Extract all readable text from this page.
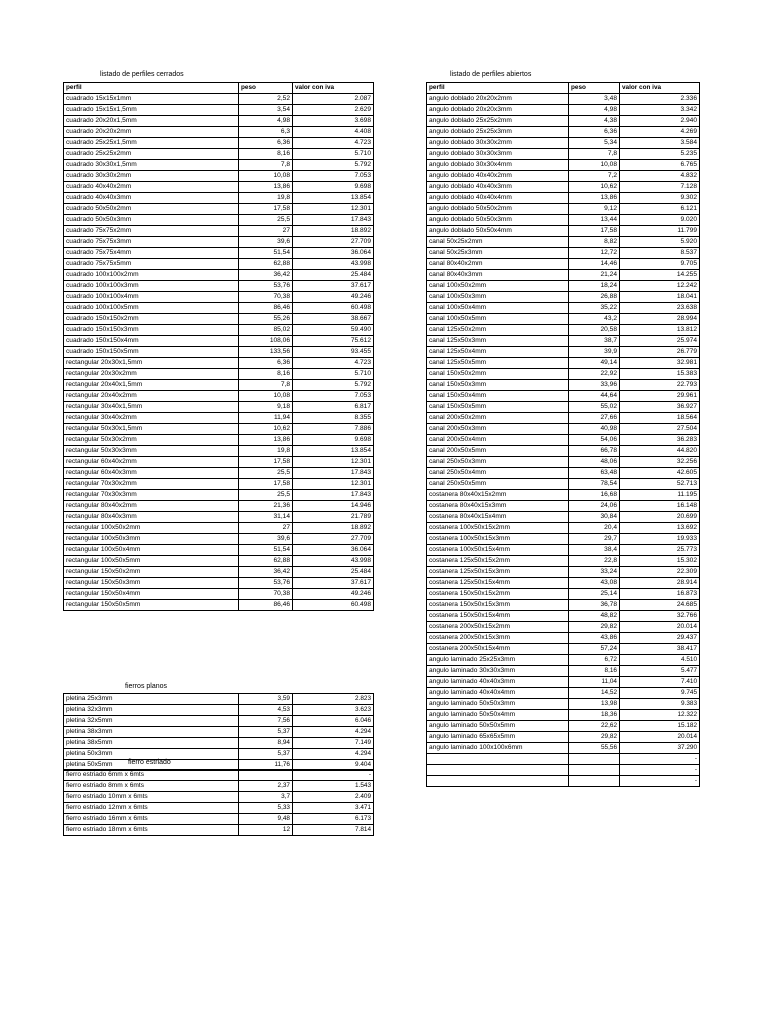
listado de perfiles cerrados
perfil	peso	valor con iva
cuadrado 15x15x1mm	2,52	2.087
cuadrado 15x15x1,5mm	3,54	2.629
cuadrado 20x20x1,5mm	4,98	3.698
cuadrado 20x20x2mm	6,3	4.408
cuadrado 25x25x1,5mm	6,36	4.723
cuadrado 25x25x2mm	8,16	5.710
cuadrado 30x30x1,5mm	7,8	5.792
cuadrado 30x30x2mm	10,08	7.053
cuadrado 40x40x2mm	13,86	9.698
cuadrado 40x40x3mm	19,8	13.854
cuadrado 50x50x2mm	17,58	12.301
cuadrado 50x50x3mm	25,5	17.843
cuadrado 75x75x2mm	27	18.892
cuadrado 75x75x3mm	39,6	27.709
cuadrado 75x75x4mm	51,54	36.064
cuadrado 75x75x5mm	62,88	43.998
cuadrado 100x100x2mm	36,42	25.484
cuadrado 100x100x3mm	53,76	37.617
cuadrado 100x100x4mm	70,38	49.246
cuadrado 100x100x5mm	86,46	60.498
cuadrado 150x150x2mm	55,26	38.667
cuadrado 150x150x3mm	85,02	59.490
cuadrado 150x150x4mm	108,06	75.612
cuadrado 150x150x5mm	133,56	93.455
rectangular 20x30x1,5mm	6,36	4.723
rectangular 20x30x2mm	8,16	5.710
rectangular 20x40x1,5mm	7,8	5.792
rectangular 20x40x2mm	10,08	7.053
rectangular 30x40x1,5mm	9,18	6.817
rectangular 30x40x2mm	11,94	8.355
rectangular 50x30x1,5mm	10,62	7.886
rectangular 50x30x2mm	13,86	9.698
rectangular 50x30x3mm	19,8	13.854
rectangular 60x40x2mm	17,58	12.301
rectangular 60x40x3mm	25,5	17.843
rectangular 70x30x2mm	17,58	12.301
rectangular 70x30x3mm	25,5	17.843
rectangular 80x40x2mm	21,36	14.946
rectangular 80x40x3mm	31,14	21.789
rectangular 100x50x2mm	27	18.892
rectangular 100x50x3mm	39,6	27.709
rectangular 100x50x4mm	51,54	36.064
rectangular 100x50x5mm	62,88	43.998
rectangular 150x50x2mm	36,42	25.484
rectangular 150x50x3mm	53,76	37.617
rectangular 150x50x4mm	70,38	49.246
rectangular 150x50x5mm	86,46	60.498
fierros planos
pletina 25x3mm	3,59	2.823
pletina 32x3mm	4,53	3.623
pletina 32x5mm	7,56	6.046
pletina 38x3mm	5,37	4.294
pletina 38x5mm	8,94	7.149
pletina 50x3mm	5,37	4.294
pletina 50x5mm	11,76	9.404
fierro estriado
fierro estriado 6mm x 6mts		-
fierro estriado 8mm x 6mts	2,37	1.543
fierro estriado 10mm x 6mts	3,7	2.409
fierro estriado 12mm x 6mts	5,33	3.471
fierro estriado 16mm x 6mts	9,48	6.173
fierro estriado 18mm x 6mts	12	7.814
listado de perfiles abiertos
perfil	peso	valor con iva
angulo doblado 20x20x2mm	3,48	2.336
angulo doblado 20x20x3mm	4,98	3.342
angulo doblado 25x25x2mm	4,38	2.940
angulo doblado 25x25x3mm	6,36	4.269
angulo doblado 30x30x2mm	5,34	3.584
angulo doblado 30x30x3mm	7,8	5.235
angulo doblado 30x30x4mm	10,08	6.765
angulo doblado 40x40x2mm	7,2	4.832
angulo doblado 40x40x3mm	10,62	7.128
angulo doblado 40x40x4mm	13,86	9.302
angulo doblado 50x50x2mm	9,12	6.121
angulo doblado 50x50x3mm	13,44	9.020
angulo doblado 50x50x4mm	17,58	11.799
canal 50x25x2mm	8,82	5.920
canal 50x25x3mm	12,72	8.537
canal 80x40x2mm	14,46	9.705
canal 80x40x3mm	21,24	14.255
canal 100x50x2mm	18,24	12.242
canal 100x50x3mm	26,88	18.041
canal 100x50x4mm	35,22	23.638
canal 100x50x5mm	43,2	28.994
canal 125x50x2mm	20,58	13.812
canal 125x50x3mm	38,7	25.974
canal 125x50x4mm	39,9	26.779
canal 125x50x5mm	49,14	32.981
canal 150x50x2mm	22,92	15.383
canal 150x50x3mm	33,96	22.793
canal 150x50x4mm	44,64	29.961
canal 150x50x5mm	55,02	36.927
canal 200x50x2mm	27,66	18.564
canal 200x50x3mm	40,98	27.504
canal 200x50x4mm	54,06	36.283
canal 200x50x5mm	66,78	44.820
canal 250x50x3mm	48,06	32.256
canal 250x50x4mm	63,48	42.605
canal 250x50x5mm	78,54	52.713
costanera 80x40x15x2mm	16,68	11.195
costanera 80x40x15x3mm	24,06	16.148
costanera 80x40x15x4mm	30,84	20.699
costanera 100x50x15x2mm	20,4	13.692
costanera 100x50x15x3mm	29,7	19.933
costanera 100x50x15x4mm	38,4	25.773
costanera 125x50x15x2mm	22,8	15.302
costanera 125x50x15x3mm	33,24	22.309
costanera 125x50x15x4mm	43,08	28.914
costanera 150x50x15x2mm	25,14	16.873
costanera 150x50x15x3mm	36,78	24.685
costanera 150x50x15x4mm	48,82	32.766
costanera 200x50x15x2mm	29,82	20.014
costanera 200x50x15x3mm	43,86	29.437
costanera 200x50x15x4mm	57,24	38.417
angulo laminado 25x25x3mm	6,72	4.510
angulo laminado 30x30x3mm	8,16	5.477
angulo laminado 40x40x3mm	11,04	7.410
angulo laminado 40x40x4mm	14,52	9.745
angulo laminado 50x50x3mm	13,98	9.383
angulo laminado 50x50x4mm	18,36	12.322
angulo laminado 50x50x5mm	22,62	15.182
angulo laminado 65x65x5mm	29,82	20.014
angulo laminado 100x100x6mm	55,56	37.290
		-
		-
		-
